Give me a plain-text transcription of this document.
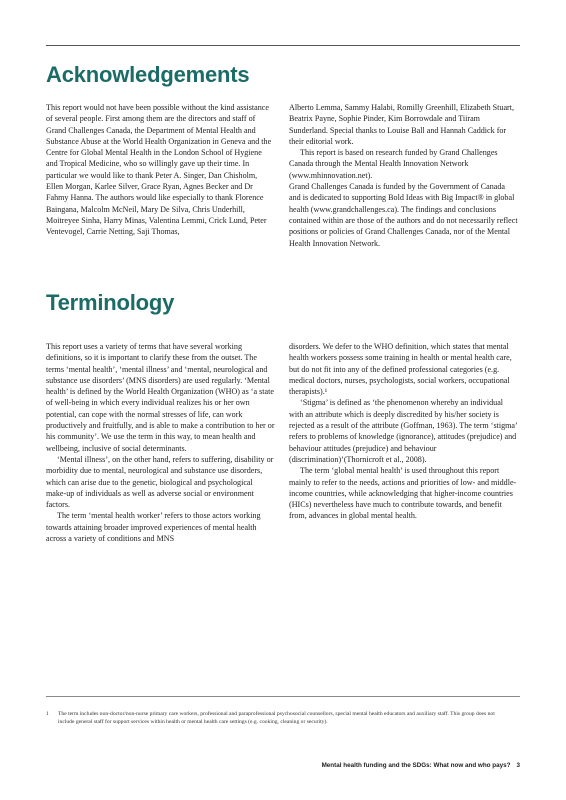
Acknowledgements

This report would not have been possible without the kind assistance of several people. First among them are the directors and staff of Grand Challenges Canada, the Department of Mental Health and Substance Abuse at the World Health Organization in Geneva and the Centre for Global Mental Health in the London School of Hygiene and Tropical Medicine, who so willingly gave up their time. In particular we would like to thank Peter A. Singer, Dan Chisholm, Ellen Morgan, Karlee Silver, Grace Ryan, Agnes Becker and Dr Fahmy Hanna. The authors would like especially to thank Florence Baingana, Malcolm McNeil, Mary De Silva, Chris Underhill, Moitreyee Sinha, Harry Minas, Valentina Lemmi, Crick Lund, Peter Ventevogel, Carrie Netting, Saji Thomas,

Alberto Lemma, Sammy Halabi, Romilly Greenhill, Elizabeth Stuart, Beatrix Payne, Sophie Pinder, Kim Borrowdale and Tiiram Sunderland. Special thanks to Louise Ball and Hannah Caddick for their editorial work.

This report is based on research funded by Grand Challenges Canada through the Mental Health Innovation Network (www.mhinnovation.net).

Grand Challenges Canada is funded by the Government of Canada and is dedicated to supporting Bold Ideas with Big Impact® in global health (www.grandchallenges.ca). The findings and conclusions contained within are those of the authors and do not necessarily reflect positions or policies of Grand Challenges Canada, nor of the Mental Health Innovation Network.

Terminology

This report uses a variety of terms that have several working definitions, so it is important to clarify these from the outset. The terms ‘mental health’, ‘mental illness’ and ‘mental, neurological and substance use disorders’ (MNS disorders) are used regularly. ‘Mental health’ is defined by the World Health Organization (WHO) as ‘a state of well-being in which every individual realizes his or her own potential, can cope with the normal stresses of life, can work productively and fruitfully, and is able to make a contribution to her or his community’. We use the term in this way, to mean health and wellbeing, inclusive of social determinants.

‘Mental illness’, on the other hand, refers to suffering, disability or morbidity due to mental, neurological and substance use disorders, which can arise due to the genetic, biological and psychological make-up of individuals as well as adverse social or environment factors.

The term ‘mental health worker’ refers to those actors working towards attaining broader improved experiences of mental health across a variety of conditions and MNS

disorders. We defer to the WHO definition, which states that mental health workers possess some training in health or mental health care, but do not fit into any of the defined professional categories (e.g. medical doctors, nurses, psychologists, social workers, occupational therapists).¹

‘Stigma’ is defined as ‘the phenomenon whereby an individual with an attribute which is deeply discredited by his/her society is rejected as a result of the attribute (Goffman, 1963). The term ‘stigma’ refers to problems of knowledge (ignorance), attitudes (prejudice) and behaviour attitudes (prejudice) and behaviour (discrimination)’(Thornicroft et al., 2008).

The term ‘global mental health’ is used throughout this report mainly to refer to the needs, actions and priorities of low- and middle-income countries, while acknowledging that higher-income countries (HICs) nevertheless have much to contribute towards, and benefit from, advances in global mental health.

1 The term includes non-doctor/non-nurse primary care workers, professional and paraprofessional psychosocial counsellors, special mental health educators and auxiliary staff. This group does not include general staff for support services within health or mental health care settings (e.g. cooking, cleaning or security).
Mental health funding and the SDGs: What now and who pays? 3
